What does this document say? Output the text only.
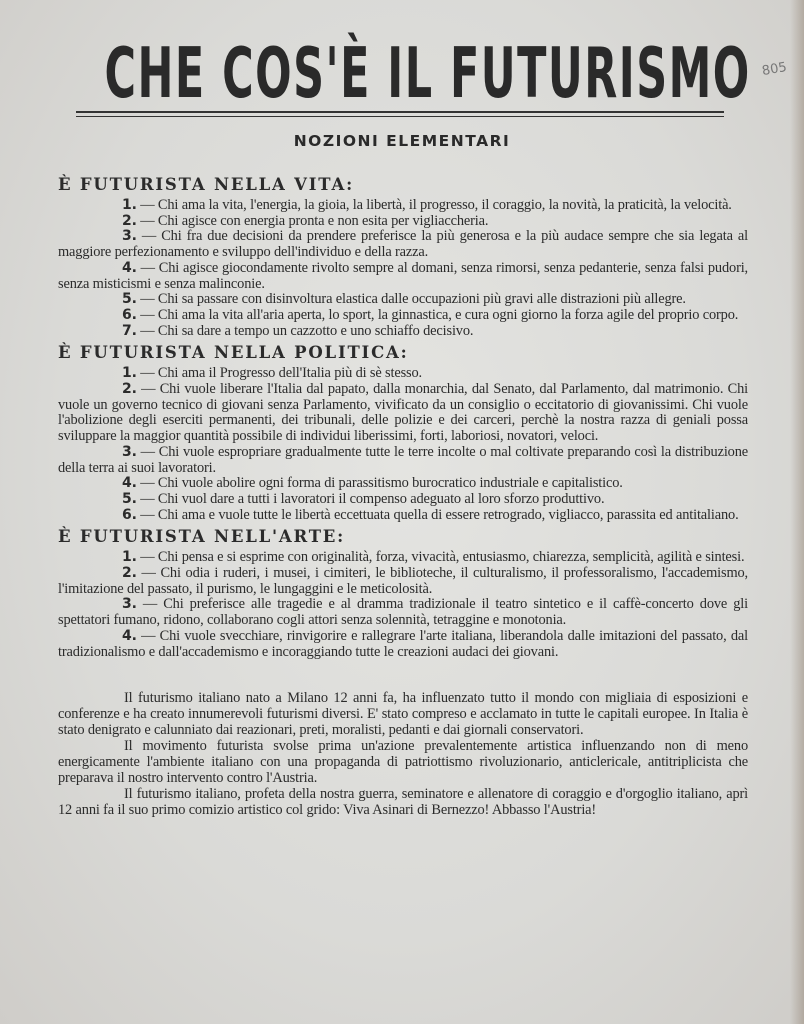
CHE COS'È IL FUTURISMO 805
NOZIONI ELEMENTARI
È FUTURISTA NELLA VITA:

1. — Chi ama la vita, l'energia, la gioia, la libertà, il progresso, il coraggio, la novità, la praticità, la velocità.

2. — Chi agisce con energia pronta e non esita per vigliaccheria.

3. — Chi fra due decisioni da prendere preferisce la più generosa e la più audace sempre che sia legata al maggiore perfezionamento e sviluppo dell'individuo e della razza.

4. — Chi agisce giocondamente rivolto sempre al domani, senza rimorsi, senza pedanterie, senza falsi pudori, senza misticismi e senza malinconie.

5. — Chi sa passare con disinvoltura elastica dalle occupazioni più gravi alle distrazioni più allegre.

6. — Chi ama la vita all'aria aperta, lo sport, la ginnastica, e cura ogni giorno la forza agile del proprio corpo.

7. — Chi sa dare a tempo un cazzotto e uno schiaffo decisivo.

È FUTURISTA NELLA POLITICA:

1. — Chi ama il Progresso dell'Italia più di sè stesso.

2. — Chi vuole liberare l'Italia dal papato, dalla monarchia, dal Senato, dal Parlamento, dal matrimonio. Chi vuole un governo tecnico di giovani senza Parlamento, vivificato da un consiglio o eccitatorio di giovanissimi. Chi vuole l'abolizione degli eserciti permanenti, dei tribunali, delle polizie e dei carceri, perchè la nostra razza di geniali possa sviluppare la maggior quantità possibile di individui liberissimi, forti, laboriosi, novatori, veloci.

3. — Chi vuole espropriare gradualmente tutte le terre incolte o mal coltivate preparando così la distribuzione della terra ai suoi lavoratori.

4. — Chi vuole abolire ogni forma di parassitismo burocratico industriale e capitalistico.

5. — Chi vuol dare a tutti i lavoratori il compenso adeguato al loro sforzo produttivo.

6. — Chi ama e vuole tutte le libertà eccettuata quella di essere retrogrado, vigliacco, parassita ed antitaliano.

È FUTURISTA NELL'ARTE:

1. — Chi pensa e si esprime con originalità, forza, vivacità, entusiasmo, chiarezza, semplicità, agilità e sintesi.

2. — Chi odia i ruderi, i musei, i cimiteri, le biblioteche, il culturalismo, il professoralismo, l'accademismo, l'imitazione del passato, il purismo, le lungaggini e le meticolosità.

3. — Chi preferisce alle tragedie e al dramma tradizionale il teatro sintetico e il caffè-concerto dove gli spettatori fumano, ridono, collaborano cogli attori senza solennità, tetraggine e monotonia.

4. — Chi vuole svecchiare, rinvigorire e rallegrare l'arte italiana, liberandola dalle imitazioni del passato, dal tradizionalismo e dall'accademismo e incoraggiando tutte le creazioni audaci dei giovani.

Il futurismo italiano nato a Milano 12 anni fa, ha influenzato tutto il mondo con migliaia di esposizioni e conferenze e ha creato innumerevoli futurismi diversi. E' stato compreso e acclamato in tutte le capitali europee. In Italia è stato denigrato e calunniato dai reazionari, preti, moralisti, pedanti e dai giornali conservatori.

Il movimento futurista svolse prima un'azione prevalentemente artistica influenzando non di meno energicamente l'ambiente italiano con una propaganda di patriottismo rivoluzionario, anticlericale, antitriplicista che preparava il nostro intervento contro l'Austria.

Il futurismo italiano, profeta della nostra guerra, seminatore e allenatore di coraggio e d'orgoglio italiano, aprì 12 anni fa il suo primo comizio artistico col grido: Viva Asinari di Bernezzo! Abbasso l'Austria!
